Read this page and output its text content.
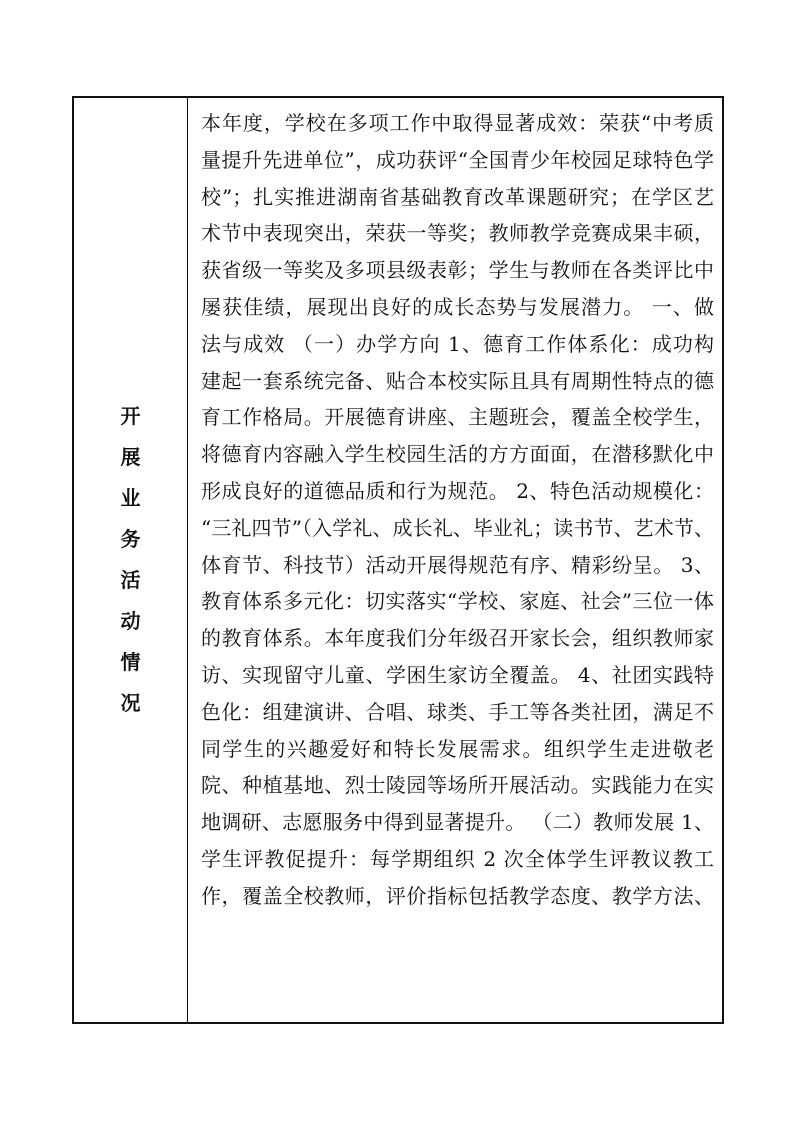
开
展
业
务
活
动
情
况
本年度，学校在多项工作中取得显著成效：荣获“中考质
量提升先进单位”，成功获评“全国青少年校园足球特色学
校”；扎实推进湖南省基础教育改革课题研究；在学区艺
术节中表现突出，荣获一等奖；教师教学竞赛成果丰硕，
获省级一等奖及多项县级表彰；学生与教师在各类评比中
屡获佳绩，展现出良好的成长态势与发展潜力。 一、做
法与成效 （一）办学方向 1、德育工作体系化：成功构
建起一套系统完备、贴合本校实际且具有周期性特点的德
育工作格局。开展德育讲座、主题班会，覆盖全校学生，
将德育内容融入学生校园生活的方方面面，在潜移默化中
形成良好的道德品质和行为规范。 2、特色活动规模化：
“三礼四节”（入学礼、成长礼、毕业礼；读书节、艺术节、
体育节、科技节）活动开展得规范有序、精彩纷呈。 3、
教育体系多元化：切实落实“学校、家庭、社会”三位一体
的教育体系。本年度我们分年级召开家长会，组织教师家
访、实现留守儿童、学困生家访全覆盖。 4、社团实践特
色化：组建演讲、合唱、球类、手工等各类社团，满足不
同学生的兴趣爱好和特长发展需求。组织学生走进敬老
院、种植基地、烈士陵园等场所开展活动。实践能力在实
地调研、志愿服务中得到显著提升。 （二）教师发展 1、
学生评教促提升：每学期组织 2 次全体学生评教议教工
作，覆盖全校教师，评价指标包括教学态度、教学方法、
